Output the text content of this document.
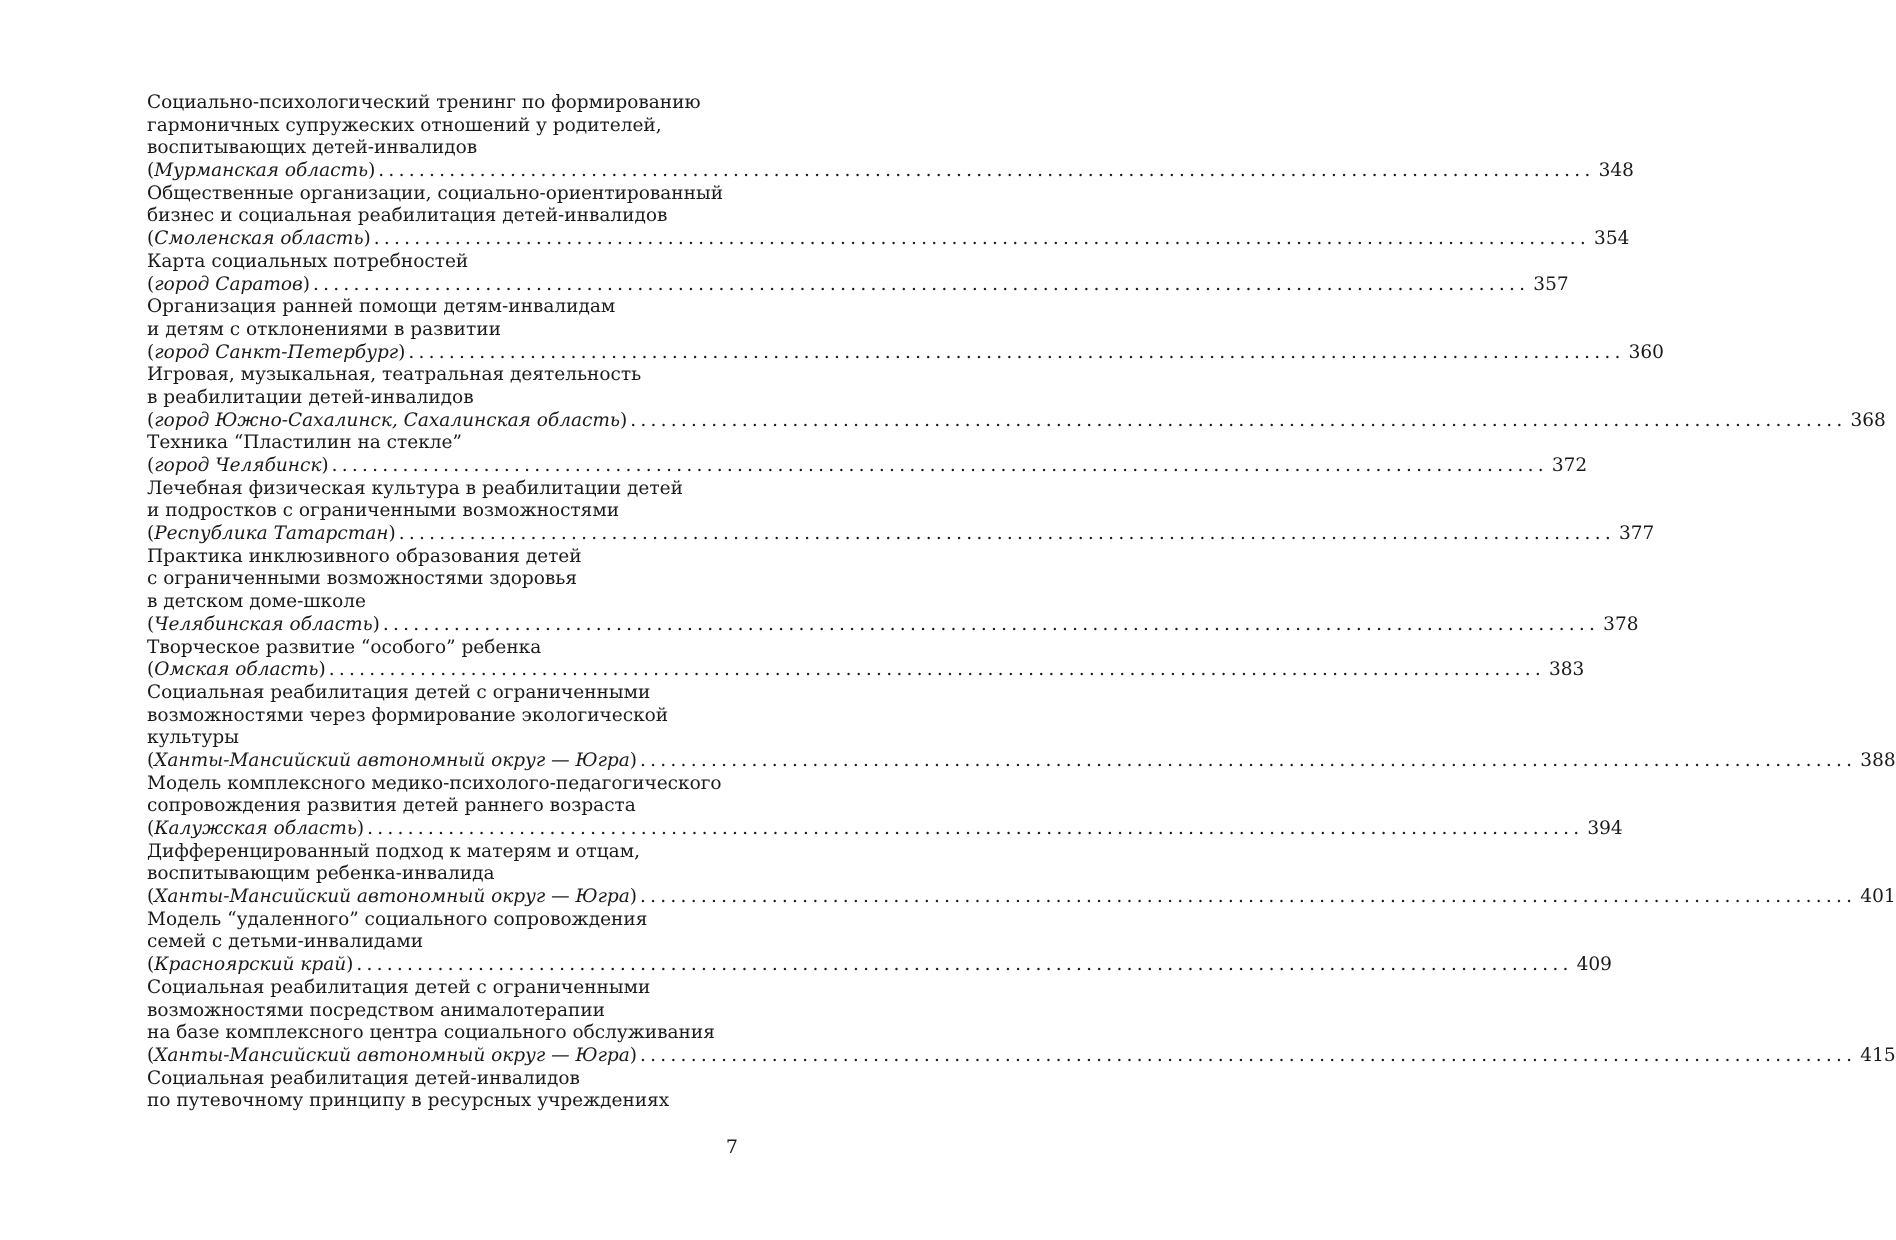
Социально-психологический тренинг по формированию
гармоничных супружеских отношений у родителей,
воспитывающих детей-инвалидов
(Мурманская область) ........................................................................................................................ 348
Общественные организации, социально-ориентированный
бизнес и социальная реабилитация детей-инвалидов
(Смоленская область) ........................................................................................................................ 354
Карта социальных потребностей
(город Саратов) ........................................................................................................................ 357
Организация ранней помощи детям-инвалидам
и детям с отклонениями в развитии
(город Санкт-Петербург) ........................................................................................................................ 360
Игровая, музыкальная, театральная деятельность
в реабилитации детей-инвалидов
(город Южно-Сахалинск, Сахалинская область) ........................................................................................................................ 368
Техника “Пластилин на стекле”
(город Челябинск) ........................................................................................................................ 372
Лечебная физическая культура в реабилитации детей
и подростков с ограниченными возможностями
(Республика Татарстан) ........................................................................................................................ 377
Практика инклюзивного образования детей
с ограниченными возможностями здоровья
в детском доме-школе
(Челябинская область) ........................................................................................................................ 378
Творческое развитие “особого” ребенка
(Омская область) ........................................................................................................................ 383
Социальная реабилитация детей с ограниченными
возможностями через формирование экологической
культуры
(Ханты-Мансийский автономный округ — Югра) ........................................................................................................................ 388
Модель комплексного медико-психолого-педагогического
сопровождения развития детей раннего возраста
(Калужская область) ........................................................................................................................ 394
Дифференцированный подход к матерям и отцам,
воспитывающим ребенка-инвалида
(Ханты-Мансийский автономный округ — Югра) ........................................................................................................................ 401
Модель “удаленного” социального сопровождения
семей с детьми-инвалидами
(Красноярский край) ........................................................................................................................ 409
Социальная реабилитация детей с ограниченными
возможностями посредством анималотерапии
на базе комплексного центра социального обслуживания
(Ханты-Мансийский автономный округ — Югра) ........................................................................................................................ 415
Социальная реабилитация детей-инвалидов
по путевочному принципу в ресурсных учреждениях
7
